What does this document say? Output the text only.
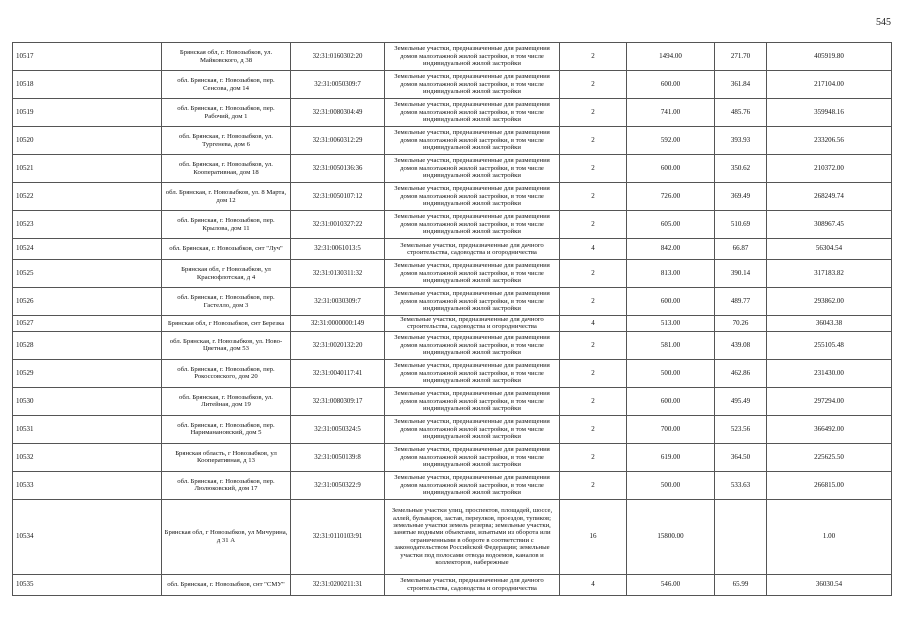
545
10517	Брянская обл, г. Новозыбков, ул. Майковского, д 38	32:31:0160302:20	Земельные участки, предназначенные для размещения домов малоэтажной жилой застройки, в том числе индивидуальной жилой застройки	2	1494.00	271.70	405919.80
10518	обл. Брянская, г. Новозыбков, пер. Сенсова, дом 14	32:31:0050309:7	Земельные участки, предназначенные для размещения домов малоэтажной жилой застройки, в том числе индивидуальной жилой застройки	2	600.00	361.84	217104.00
10519	обл. Брянская, г. Новозыбков, пер. Рабочий, дом 1	32:31:0080304:49	Земельные участки, предназначенные для размещения домов малоэтажной жилой застройки, в том числе индивидуальной жилой застройки	2	741.00	485.76	359948.16
10520	обл. Брянская, г. Новозыбков, ул. Тургенева, дом 6	32:31:0060312:29	Земельные участки, предназначенные для размещения домов малоэтажной жилой застройки, в том числе индивидуальной жилой застройки	2	592.00	393.93	233206.56
10521	обл. Брянская, г. Новозыбков, ул. Кооперативная, дом 18	32:31:0050136:36	Земельные участки, предназначенные для размещения домов малоэтажной жилой застройки, в том числе индивидуальной жилой застройки	2	600.00	350.62	210372.00
10522	обл. Брянская, г. Новозыбков, ул. 8 Марта, дом 12	32:31:0050107:12	Земельные участки, предназначенные для размещения домов малоэтажной жилой застройки, в том числе индивидуальной жилой застройки	2	726.00	369.49	268249.74
10523	обл. Брянская, г. Новозыбков, пер. Крылова, дом 11	32:31:0010327:22	Земельные участки, предназначенные для размещения домов малоэтажной жилой застройки, в том числе индивидуальной жилой застройки	2	605.00	510.69	308967.45
10524	обл. Брянская, г. Новозыбков, снт "Луч"	32:31:0061013:5	Земельные участки, предназначенные для дачного строительства, садоводства и огородничества	4	842.00	66.87	56304.54
10525	Брянская обл, г Новозыбков, ул Краснофлотская, д 4	32:31:0130311:32	Земельные участки, предназначенные для размещения домов малоэтажной жилой застройки, в том числе индивидуальной жилой застройки	2	813.00	390.14	317183.82
10526	обл. Брянская, г. Новозыбков, пер. Гастелло, дом 3	32:31:0030309:7	Земельные участки, предназначенные для размещения домов малоэтажной жилой застройки, в том числе индивидуальной жилой застройки	2	600.00	489.77	293862.00
10527	Брянская обл, г Новозыбков, снт Березка	32:31:0000000:149	Земельные участки, предназначенные для дачного строительства, садоводства и огородничества	4	513.00	70.26	36043.38
10528	обл. Брянская, г. Новозыбков, ул. Ново-Цветная, дом 53	32:31:0020132:20	Земельные участки, предназначенные для размещения домов малоэтажной жилой застройки, в том числе индивидуальной жилой застройки	2	581.00	439.08	255105.48
10529	обл. Брянская, г. Новозыбков, пер. Рокоссовского, дом 20	32:31:0040117:41	Земельные участки, предназначенные для размещения домов малоэтажной жилой застройки, в том числе индивидуальной жилой застройки	2	500.00	462.86	231430.00
10530	обл. Брянская, г. Новозыбков, ул. Литейная, дом 19	32:31:0080309:17	Земельные участки, предназначенные для размещения домов малоэтажной жилой застройки, в том числе индивидуальной жилой застройки	2	600.00	495.49	297294.00
10531	обл. Брянская, г. Новозыбков, пер. Нариманановский, дом 5	32:31:0050324:5	Земельные участки, предназначенные для размещения домов малоэтажной жилой застройки, в том числе индивидуальной жилой застройки	2	700.00	523.56	366492.00
10532	Брянская область, г Новозыбков, ул Кооперативная, д 13	32:31:0050139:8	Земельные участки, предназначенные для размещения домов малоэтажной жилой застройки, в том числе индивидуальной жилой застройки	2	619.00	364.50	225625.50
10533	обл. Брянская, г. Новозыбков, пер. Люлюковский, дом 17	32:31:0050322:9	Земельные участки, предназначенные для размещения домов малоэтажной жилой застройки, в том числе индивидуальной жилой застройки	2	500.00	533.63	266815.00
10534	Брянская обл, г Новозыбков, ул Мичурина, д 31 А	32:31:0110103:91	Земельные участки улиц, проспектов, площадей, шоссе, аллей, бульваров, застав, переулков, проездов, тупиков; земельные участки земель резерва; земельные участки, занятые водными объектами, изъятыми из оборота или ограниченными в обороте в соответствии с законодательством Российской Федерации; земельные участки под полосами отвода водоемов, каналов и коллекторов, набережные	16	15800.00		1.00
10535	обл. Брянская, г. Новозыбков, снт "СМУ"	32:31:0200211:31	Земельные участки, предназначенные для дачного строительства, садоводства и огородничества	4	546.00	65.99	36030.54
